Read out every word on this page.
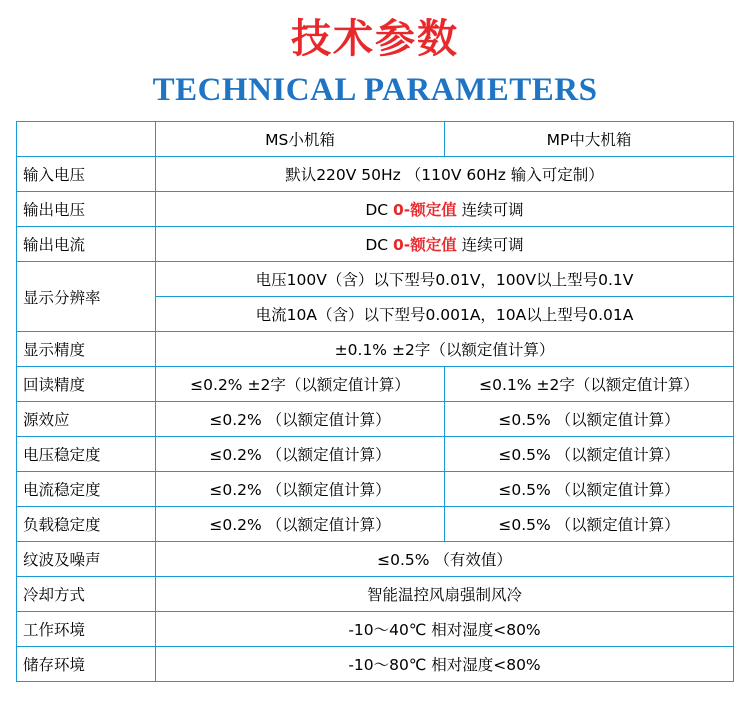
技术参数
TECHNICAL PARAMETERS
	MS小机箱	MP中大机箱
输入电压	默认220V 50Hz （110V 60Hz 输入可定制）	
输出电压	DC 0-额定值 连续可调	
输出电流	DC 0-额定值 连续可调	
显示分辨率	电压100V（含）以下型号0.01V，100V以上型号0.1V	
	电流10A（含）以下型号0.001A，10A以上型号0.01A	
显示精度	±0.1% ±2字（以额定值计算）	
回读精度	≤0.2% ±2字（以额定值计算）	≤0.1% ±2字（以额定值计算）
源效应	≤0.2% （以额定值计算）	≤0.5% （以额定值计算）
电压稳定度	≤0.2% （以额定值计算）	≤0.5% （以额定值计算）
电流稳定度	≤0.2% （以额定值计算）	≤0.5% （以额定值计算）
负载稳定度	≤0.2% （以额定值计算）	≤0.5% （以额定值计算）
纹波及噪声	≤0.5% （有效值）	
冷却方式	智能温控风扇强制风冷	
工作环境	-10～40℃ 相对湿度<80%	
储存环境	-10～80℃ 相对湿度<80%	
